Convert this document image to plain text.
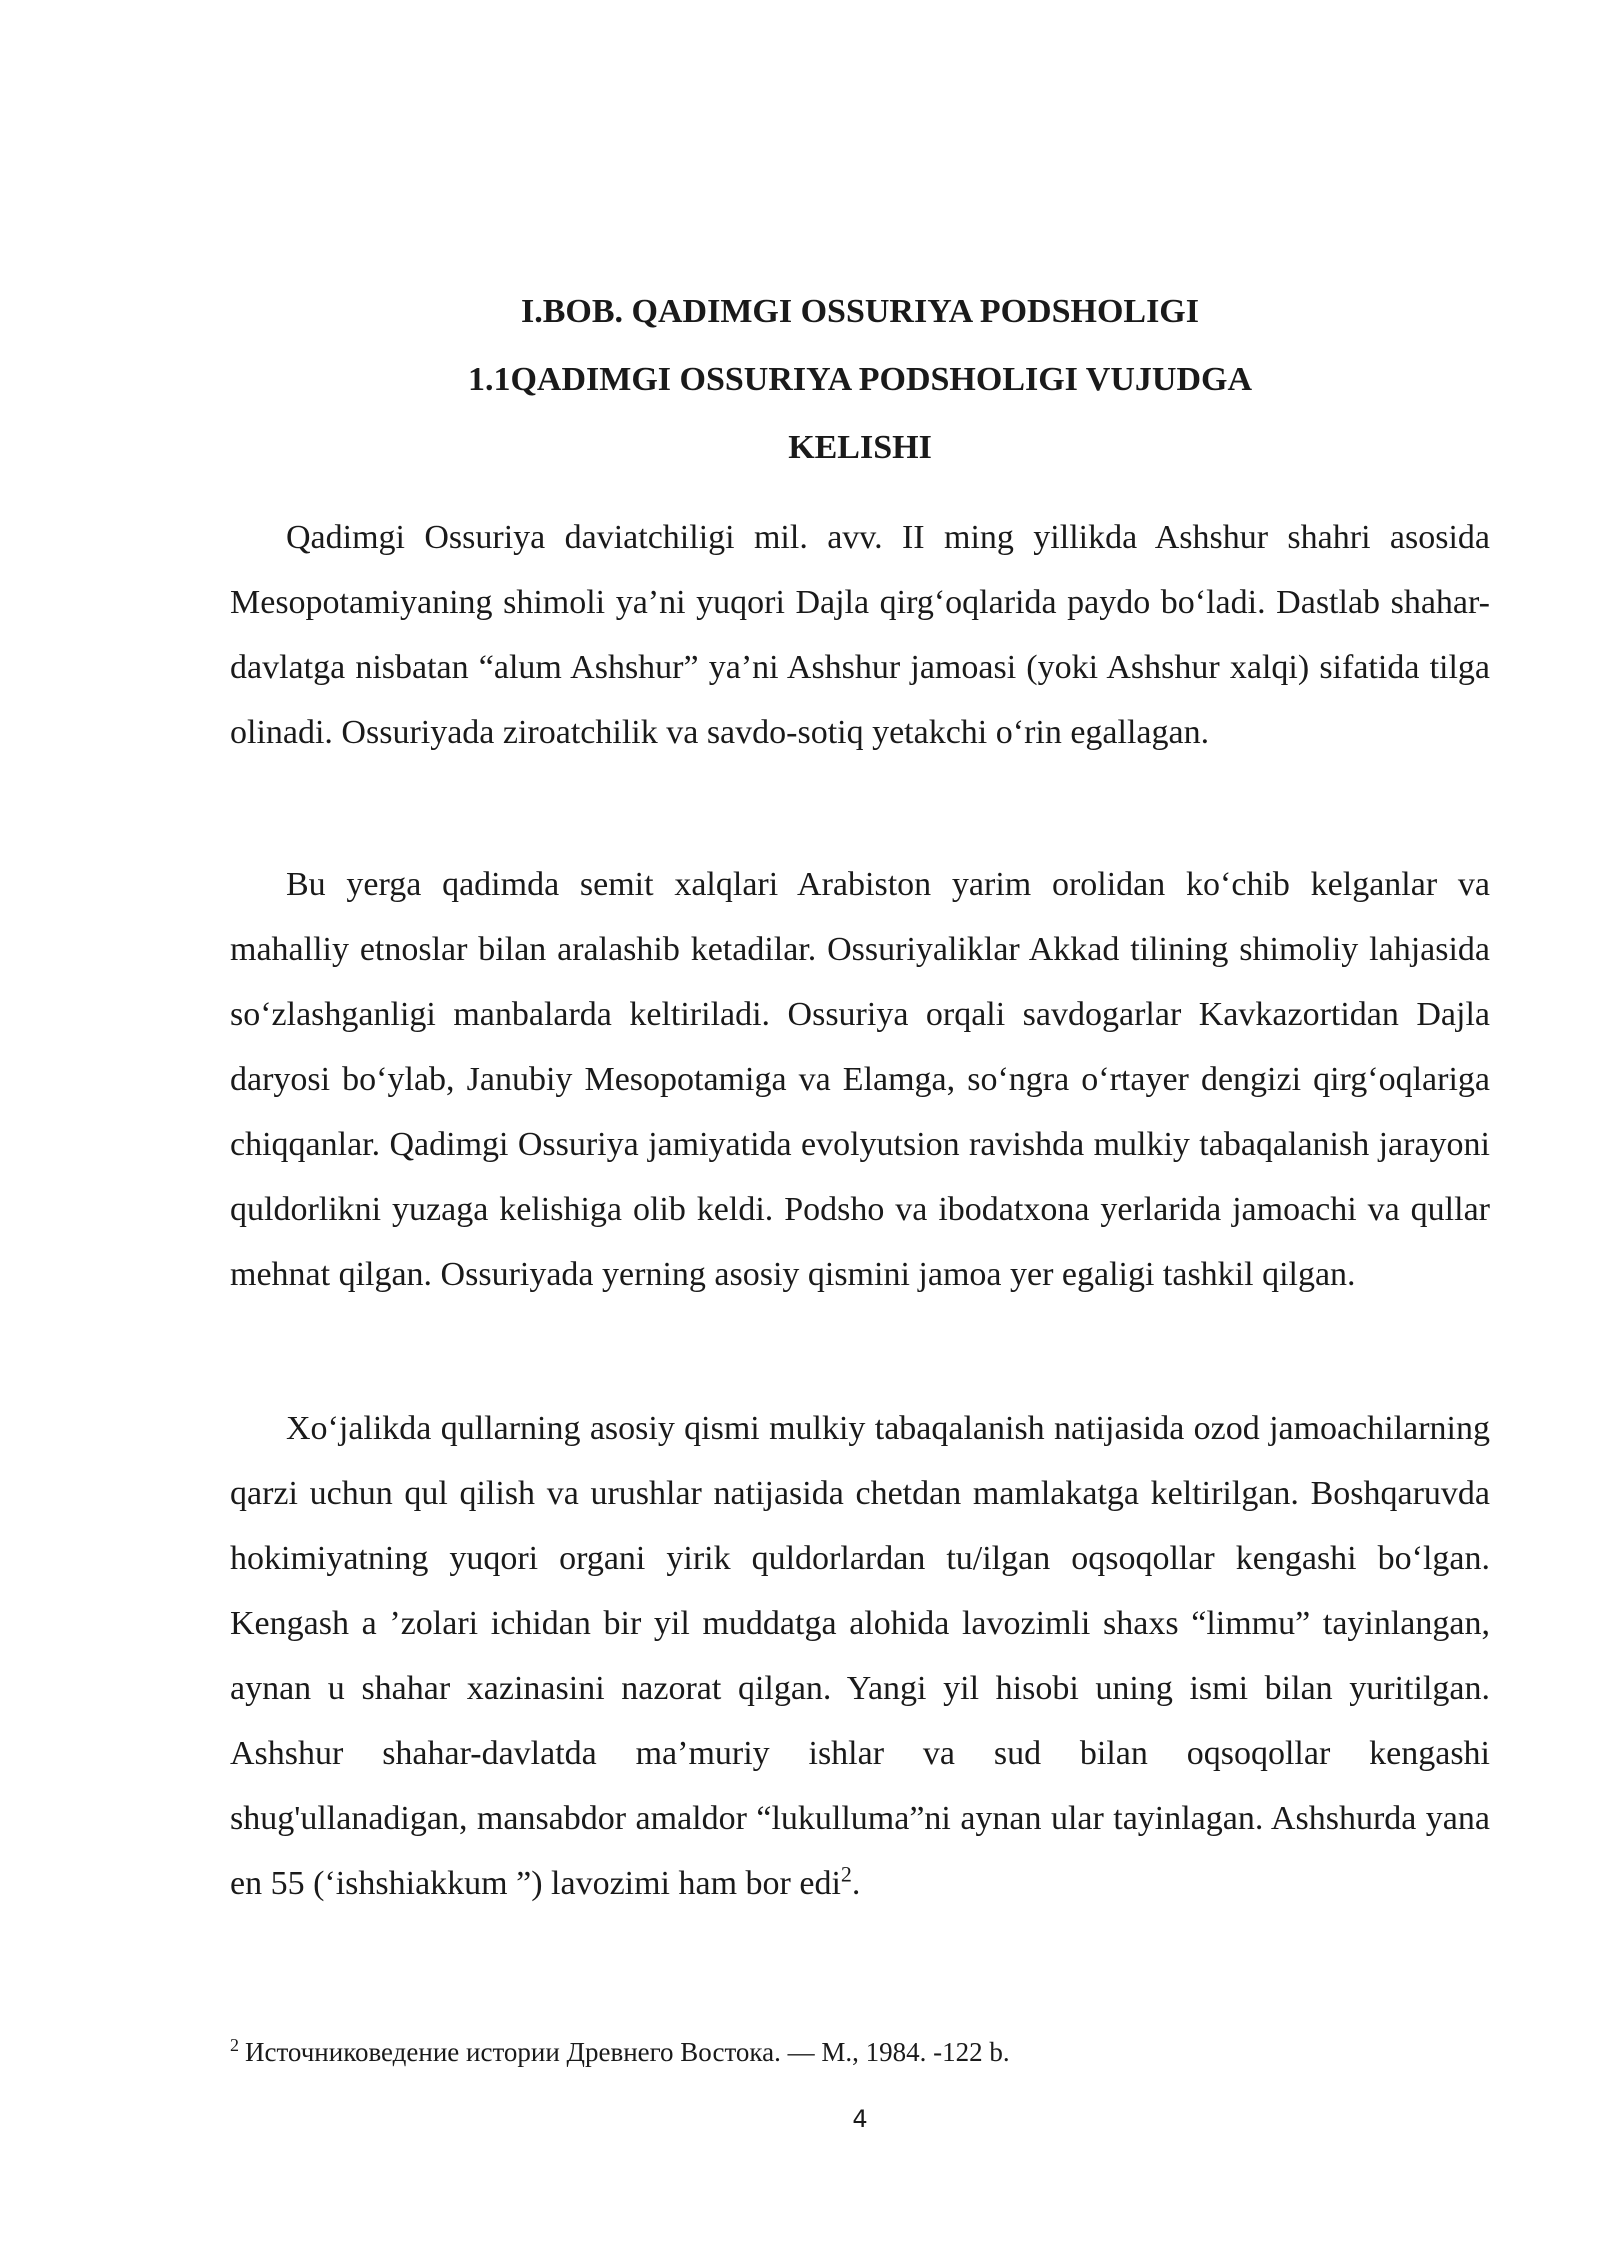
I.BOB. QADIMGI OSSURIYA PODSHOLIGI
1.1QADIMGI OSSURIYA PODSHOLIGI VUJUDGA
KELISHI

Qadimgi Ossuriya daviatchiligi mil. avv. II ming yillikda Ashshur shahri asosida Mesopotamiyaning shimoli ya’ni yuqori Dajla qirg‘oqlarida paydo bo‘ladi. Dastlab shahar-davlatga nisbatan “alum Ashshur” ya’ni Ashshur jamoasi (yoki Ashshur xalqi) sifatida tilga olinadi. Ossuriyada ziroatchilik va savdo-sotiq yetakchi o‘rin egallagan.

Bu yerga qadimda semit xalqlari Arabiston yarim orolidan ko‘chib kelganlar va mahalliy etnoslar bilan aralashib ketadilar. Ossuriyaliklar Akkad tilining shimoliy lahjasida so‘zlashganligi manbalarda keltiriladi. Ossuriya orqali savdogarlar Kavkazortidan Dajla daryosi bo‘ylab, Janubiy Mesopotamiga va Elamga, so‘ngra o‘rtayer dengizi qirg‘oqlariga chiqqanlar. Qadimgi Ossuriya jamiyatida evolyutsion ravishda mulkiy tabaqalanish jarayoni quldorlikni yuzaga kelishiga olib keldi. Podsho va ibodatxona yerlarida jamoachi va qullar mehnat qilgan. Ossuriyada yerning asosiy qismini jamoa yer egaligi tashkil qilgan.

Xo‘jalikda qullarning asosiy qismi mulkiy tabaqalanish natijasida ozod jamoachilarning qarzi uchun qul qilish va urushlar natijasida chetdan mamlakatga keltirilgan. Boshqaruvda hokimiyatning yuqori organi yirik quldorlardan tu/ilgan oqsoqollar kengashi bo‘lgan. Kengash a ’zolari ichidan bir yil muddatga alohida lavozimli shaxs “limmu” tayinlangan, aynan u shahar xazinasini nazorat qilgan. Yangi yil hisobi uning ismi bilan yuritilgan. Ashshur shahar-davlatda ma’muriy ishlar va sud bilan oqsoqollar kengashi shug'ullanadigan, mansabdor amaldor “lukulluma”ni aynan ular tayinlagan. Ashshurda yana en 55 (‘ishshiakkum ”) lavozimi ham bor edi$^2$.

$^2$ Источниковедение истории Древнего Востока. — М., 1984. -122 b.

4
